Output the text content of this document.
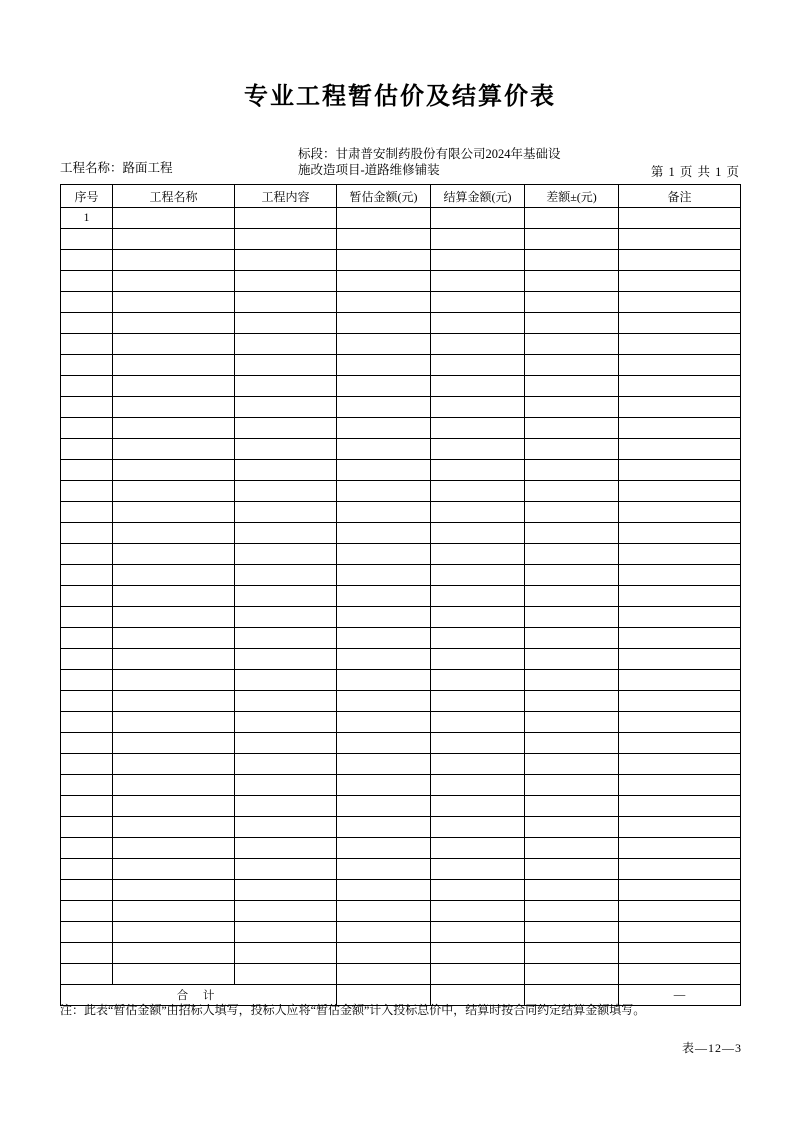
专业工程暂估价及结算价表
工程名称：路面工程
标段：甘肃普安制药股份有限公司2024年基础设
施改造项目-道路维修铺装	第 1 页 共 1 页
序号	工程名称	工程内容	暂估金额(元)	结算金额(元)	差额±(元)	备注
1						

合 计						—
注：此表“暂估金额”由招标人填写，投标人应将“暂估金额”计入投标总价中，结算时按合同约定结算金额填写。
表—12—3
